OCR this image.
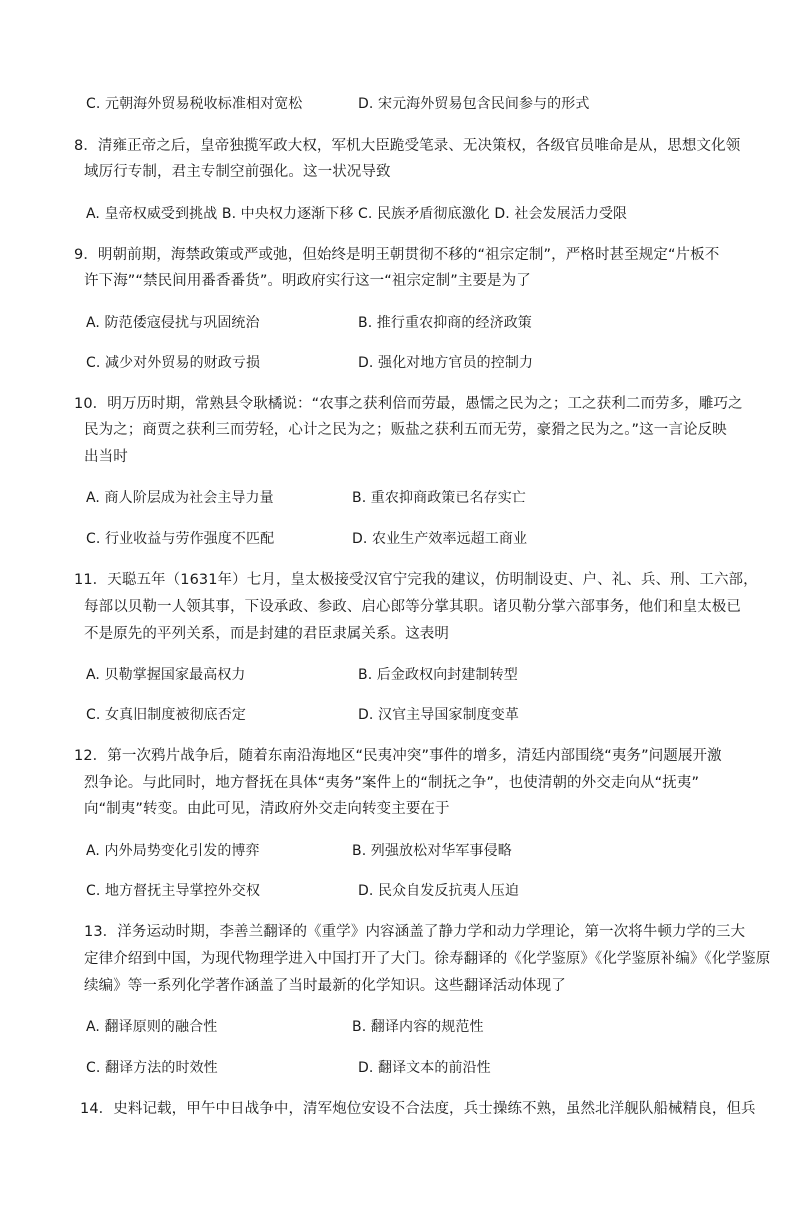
C. 元朝海外贸易税收标准相对宽松	D. 宋元海外贸易包含民间参与的形式
8．清雍正帝之后，皇帝独揽军政大权，军机大臣跪受笔录、无决策权，各级官员唯命是从，思想文化领
域厉行专制，君主专制空前强化。这一状况导致
A. 皇帝权威受到挑战 B. 中央权力逐渐下移 C. 民族矛盾彻底激化 D. 社会发展活力受限
9．明朝前期，海禁政策或严或弛，但始终是明王朝贯彻不移的“祖宗定制”，严格时甚至规定“片板不
许下海”“禁民间用番香番货”。明政府实行这一“祖宗定制”主要是为了
A. 防范倭寇侵扰与巩固统治	B. 推行重农抑商的经济政策
C. 减少对外贸易的财政亏损	D. 强化对地方官员的控制力
10．明万历时期，常熟县令耿橘说：“农事之获利倍而劳最，愚懦之民为之；工之获利二而劳多，雕巧之
民为之；商贾之获利三而劳轻，心计之民为之；贩盐之获利五而无劳，豪猾之民为之。”这一言论反映
出当时
A. 商人阶层成为社会主导力量	B. 重农抑商政策已名存实亡
C. 行业收益与劳作强度不匹配	D. 农业生产效率远超工商业
11．天聪五年（1631年）七月，皇太极接受汉官宁完我的建议，仿明制设吏、户、礼、兵、刑、工六部，
每部以贝勒一人领其事，下设承政、参政、启心郎等分掌其职。诸贝勒分掌六部事务，他们和皇太极已
不是原先的平列关系，而是封建的君臣隶属关系。这表明
A. 贝勒掌握国家最高权力	B. 后金政权向封建制转型
C. 女真旧制度被彻底否定	D. 汉官主导国家制度变革
12．第一次鸦片战争后，随着东南沿海地区“民夷冲突”事件的增多，清廷内部围绕“夷务”问题展开激
烈争论。与此同时，地方督抚在具体“夷务”案件上的“制抚之争”，也使清朝的外交走向从“抚夷”
向“制夷”转变。由此可见，清政府外交走向转变主要在于
A. 内外局势变化引发的博弈	B. 列强放松对华军事侵略
C. 地方督抚主导掌控外交权	D. 民众自发反抗夷人压迫
13．洋务运动时期，李善兰翻译的《重学》内容涵盖了静力学和动力学理论，第一次将牛顿力学的三大
定律介绍到中国，为现代物理学进入中国打开了大门。徐寿翻译的《化学鉴原》《化学鉴原补编》《化学鉴原
续编》等一系列化学著作涵盖了当时最新的化学知识。这些翻译活动体现了
A. 翻译原则的融合性	B. 翻译内容的规范性
C. 翻译方法的时效性	D. 翻译文本的前沿性
14．史料记载，甲午中日战争中，清军炮位安设不合法度，兵士操练不熟，虽然北洋舰队船械精良，但兵
